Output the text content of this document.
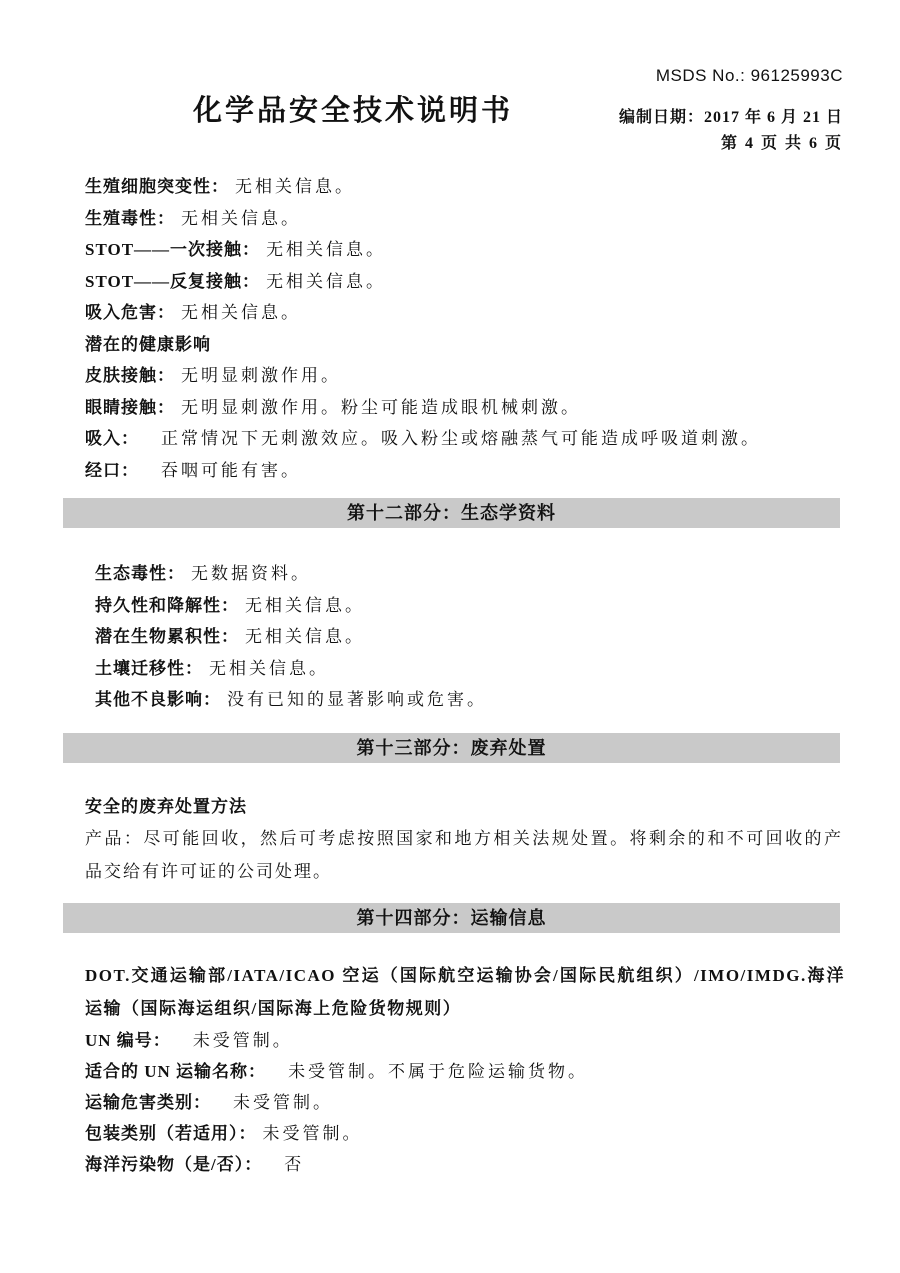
MSDS No.: 96125993C
化学品安全技术说明书	编制日期：2017 年 6 月 21 日
第 4 页 共 6 页
生殖细胞突变性： 无相关信息。
生殖毒性： 无相关信息。
STOT——一次接触： 无相关信息。
STOT——反复接触： 无相关信息。
吸入危害： 无相关信息。
潜在的健康影响
皮肤接触： 无明显刺激作用。
眼睛接触： 无明显刺激作用。粉尘可能造成眼机械刺激。
吸入： 正常情况下无刺激效应。吸入粉尘或熔融蒸气可能造成呼吸道刺激。
经口： 吞咽可能有害。
第十二部分：生态学资料
生态毒性： 无数据资料。
持久性和降解性： 无相关信息。
潜在生物累积性： 无相关信息。
土壤迁移性： 无相关信息。
其他不良影响： 没有已知的显著影响或危害。
第十三部分：废弃处置
安全的废弃处置方法
产品：尽可能回收，然后可考虑按照国家和地方相关法规处置。将剩余的和不可回收的产品交给有许可证的公司处理。
第十四部分：运输信息
DOT.交通运输部/IATA/ICAO 空运（国际航空运输协会/国际民航组织）/IMO/IMDG.海洋运输（国际海运组织/国际海上危险货物规则）
UN 编号： 未受管制。
适合的 UN 运输名称： 未受管制。不属于危险运输货物。
运输危害类别： 未受管制。
包装类别（若适用）： 未受管制。
海洋污染物（是/否）： 否
